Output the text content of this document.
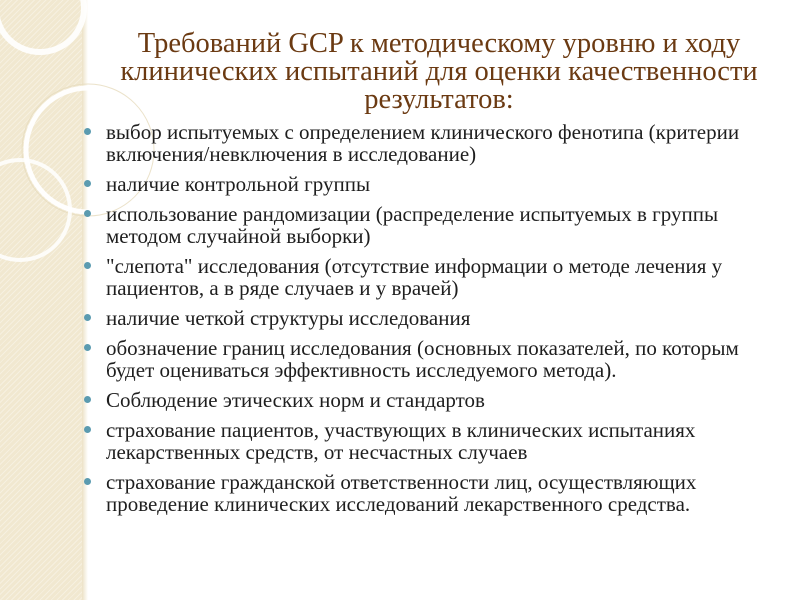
Требований GCP к методическому уровню и ходу клинических испытаний для оценки качественности результатов:
выбор испытуемых с определением клинического фенотипа (критерии включения/невключения в исследование)
наличие контрольной группы
использование рандомизации (распределение испытуемых в группы методом случайной выборки)
"слепота" исследования (отсутствие информации о методе лечения у пациентов, а в ряде случаев и у врачей)
наличие четкой структуры исследования
обозначение границ исследования (основных показателей, по которым будет оцениваться эффективность исследуемого метода).
Соблюдение этических норм и стандартов
страхование пациентов, участвующих в клинических испытаниях лекарственных средств, от несчастных случаев
страхование гражданской ответственности лиц, осуществляющих проведение клинических исследований лекарственного средства.
